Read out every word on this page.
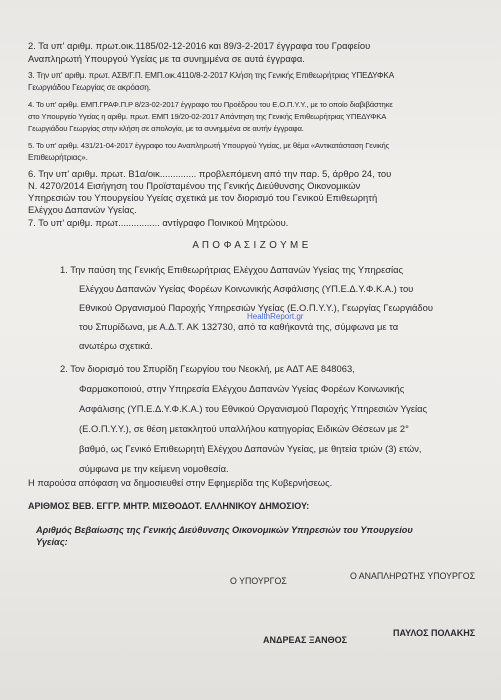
2. Τα υπ' αριθμ. πρωτ.οικ.1185/02-12-2016 και 89/3-2-2017 έγγραφα του Γραφείου
Αναπληρωτή Υπουργού Υγείας με τα συνημμένα σε αυτά έγγραφα.
3. Την υπ' αριθμ. πρωτ. ΑΣΒ/Γ.Π. ΕΜΠ.οικ.4110/8-2-2017 Κλήση της Γενικής Επιθεωρήτριας ΥΠΕΔΥΦΚΑ
Γεωργιάδου Γεωργίας σε ακρόαση.
4. Το υπ' αριθμ. ΕΜΠ.ΓΡΑΦ.Π.Ρ 8/23-02-2017 έγγραφο του Προέδρου του Ε.Ο.Π.Υ.Υ., με το οποίο διαβιβάστηκε
στο Υπουργείο Υγείας η αριθμ. πρωτ. ΕΜΠ 19/20-02-2017 Απάντηση της Γενικής Επιθεωρήτριας ΥΠΕΔΥΦΚΑ
Γεωργιάδου Γεωργίας στην κλήση σε απολογία, με τα συνημμένα σε αυτήν έγγραφα.
5. Το υπ' αριθμ. 431/21-04-2017 έγγραφο του Αναπληρωτή Υπουργού Υγείας, με θέμα «Αντικατάσταση Γενικής
Επιθεωρήτριας».
6. Την υπ' αριθμ. πρωτ. Β1α/οικ.............. προβλεπόμενη από την παρ. 5, άρθρο 24, του
Ν. 4270/2014 Εισήγηση του Προϊσταμένου της Γενικής Διεύθυνσης Οικονομικών
Υπηρεσιών του Υπουργείου Υγείας σχετικά με τον διορισμό του Γενικού Επιθεωρητή
Ελέγχου Δαπανών Υγείας.
7. Το υπ' αριθμ. πρωτ................ αντίγραφο Ποινικού Μητρώου.
Α Π Ο Φ Α Σ Ι Ζ Ο Υ Μ Ε
1. Την παύση της Γενικής Επιθεωρήτριας Ελέγχου Δαπανών Υγείας της Υπηρεσίας
Ελέγχου Δαπανών Υγείας Φορέων Κοινωνικής Ασφάλισης (ΥΠ.Ε.Δ.Υ.Φ.Κ.Α.) του
Εθνικού Οργανισμού Παροχής Υπηρεσιών Υγείας (Ε.Ο.Π.Υ.Υ.), Γεωργίας Γεωργιάδου
HealthReport.gr
του Σπυρίδωνα, με Α.Δ.Τ. ΑΚ 132730, από τα καθήκοντά της, σύμφωνα με τα
ανωτέρω σχετικά.
2. Τον διορισμό του Σπυρίδη Γεωργίου του Νεοκλή, με ΑΔΤ ΑΕ 848063,
Φαρμακοποιού, στην Υπηρεσία Ελέγχου Δαπανών Υγείας Φορέων Κοινωνικής
Ασφάλισης (ΥΠ.Ε.Δ.Υ.Φ.Κ.Α.) του Εθνικού Οργανισμού Παροχής Υπηρεσιών Υγείας
(Ε.Ο.Π.Υ.Υ.), σε θέση μετακλητού υπαλλήλου κατηγορίας Ειδικών Θέσεων με 2°
βαθμό, ως Γενικό Επιθεωρητή Ελέγχου Δαπανών Υγείας, με θητεία τριών (3) ετών,
σύμφωνα με την κείμενη νομοθεσία.
Η παρούσα απόφαση να δημοσιευθεί στην Εφημερίδα της Κυβερνήσεως.
ΑΡΙΘΜΟΣ ΒΕΒ. ΕΓΓΡ. ΜΗΤΡ. ΜΙΣΘΟΔΟΤ. ΕΛΛΗΝΙΚΟΥ ΔΗΜΟΣΙΟΥ:
Αριθμός Βεβαίωσης της Γενικής Διεύθυνσης Οικονομικών Υπηρεσιών του Υπουργείου
Υγείας:
Ο ΥΠΟΥΡΓΟΣ	Ο ΑΝΑΠΛΗΡΩΤΗΣ ΥΠΟΥΡΓΟΣ
ΑΝΔΡΕΑΣ ΞΑΝΘΟΣ
ΠΑΥΛΟΣ ΠΟΛΑΚΗΣ
